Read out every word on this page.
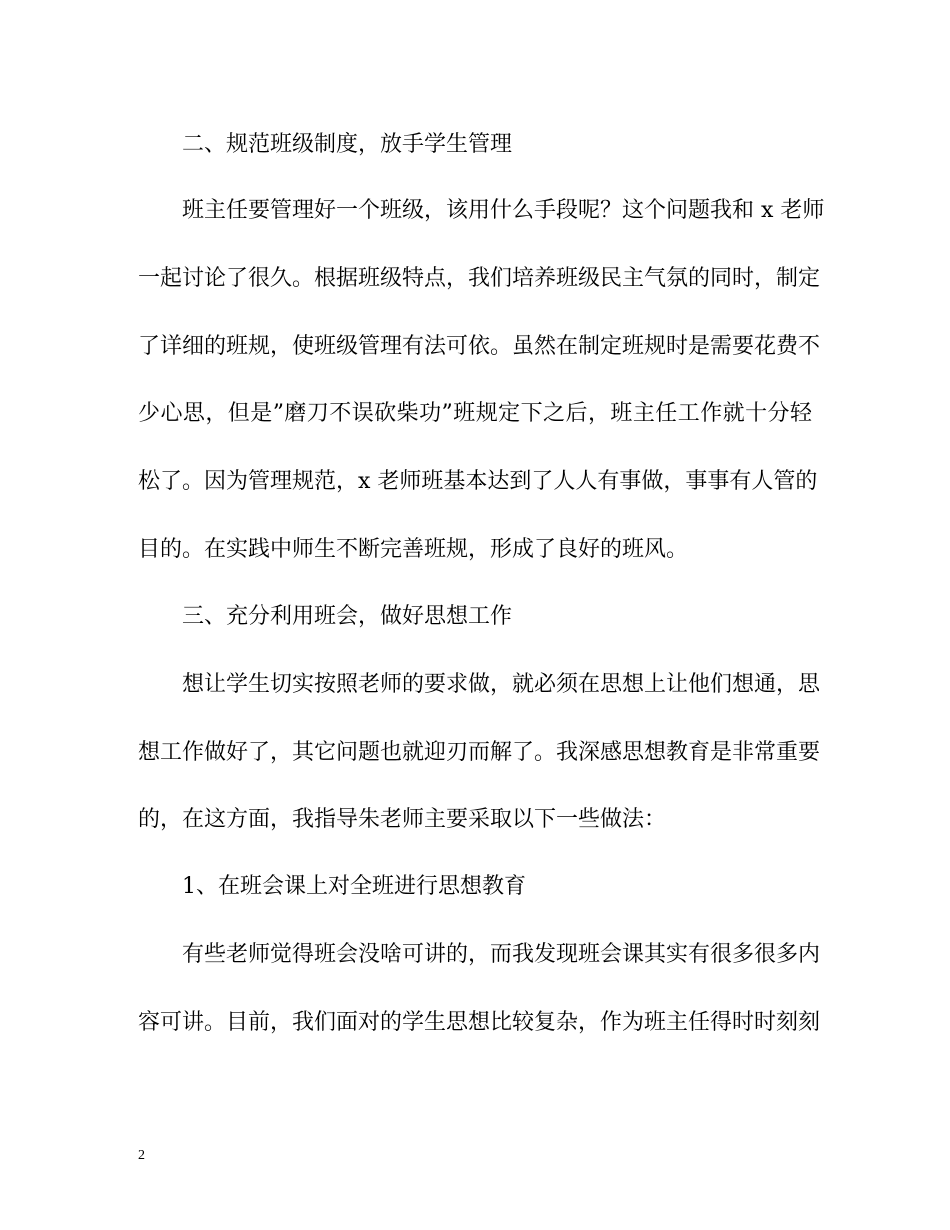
二、规范班级制度，放手学生管理
班主任要管理好一个班级，该用什么手段呢？这个问题我和 x 老师
一起讨论了很久。根据班级特点，我们培养班级民主气氛的同时，制定
了详细的班规，使班级管理有法可依。虽然在制定班规时是需要花费不
少心思，但是”磨刀不误砍柴功”班规定下之后，班主任工作就十分轻
松了。因为管理规范，x 老师班基本达到了人人有事做，事事有人管的
目的。在实践中师生不断完善班规，形成了良好的班风。
三、充分利用班会，做好思想工作
想让学生切实按照老师的要求做，就必须在思想上让他们想通，思
想工作做好了，其它问题也就迎刃而解了。我深感思想教育是非常重要
的，在这方面，我指导朱老师主要采取以下一些做法：
1、在班会课上对全班进行思想教育
有些老师觉得班会没啥可讲的，而我发现班会课其实有很多很多内
容可讲。目前，我们面对的学生思想比较复杂，作为班主任得时时刻刻
2
